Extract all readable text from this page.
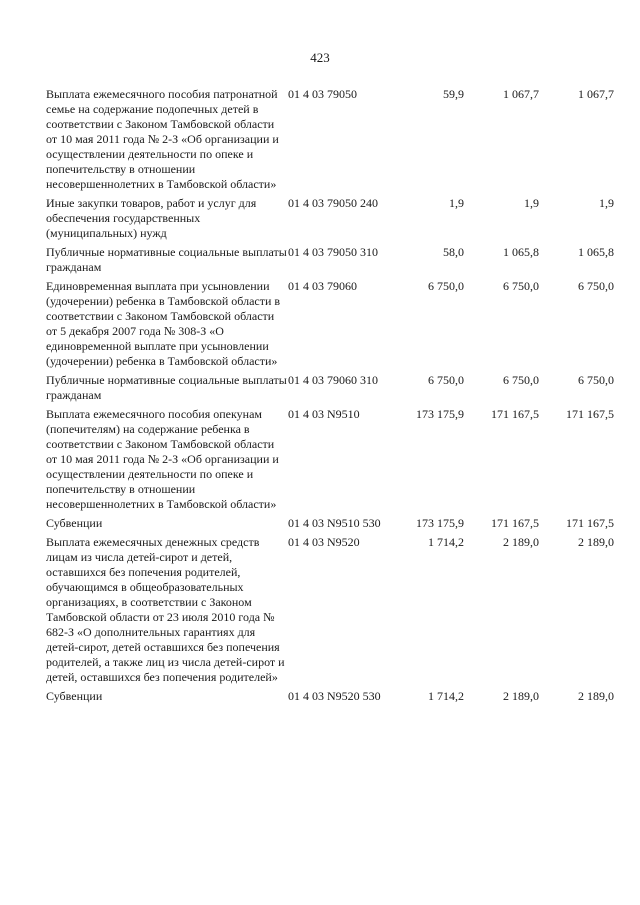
423
Выплата ежемесячного пособия патронатной семье на содержание подопечных детей в соответствии с Законом Тамбовской области от 10 мая 2011 года № 2-З «Об организации и осуществлении деятельности по опеке и попечительству в отношении несовершеннолетних в Тамбовской области»	01 4 03 79050	59,9	1 067,7	1 067,7
Иные закупки товаров, работ и услуг для обеспечения государственных (муниципальных) нужд	01 4 03 79050 240	1,9	1,9	1,9
Публичные нормативные социальные выплаты гражданам	01 4 03 79050 310	58,0	1 065,8	1 065,8
Единовременная выплата при усыновлении (удочерении) ребенка в Тамбовской области в соответствии с Законом Тамбовской области от 5 декабря 2007 года № 308-З «О единовременной выплате при усыновлении (удочерении) ребенка в Тамбовской области»	01 4 03 79060	6 750,0	6 750,0	6 750,0
Публичные нормативные социальные выплаты гражданам	01 4 03 79060 310	6 750,0	6 750,0	6 750,0
Выплата ежемесячного пособия опекунам (попечителям) на содержание ребенка в соответствии с Законом Тамбовской области от 10 мая 2011 года № 2-З «Об организации и осуществлении деятельности по опеке и попечительству в отношении несовершеннолетних в Тамбовской области»	01 4 03 N9510	173 175,9	171 167,5	171 167,5
Субвенции	01 4 03 N9510 530	173 175,9	171 167,5	171 167,5
Выплата ежемесячных денежных средств лицам из числа детей-сирот и детей, оставшихся без попечения родителей, обучающимся в общеобразовательных организациях, в соответствии с Законом Тамбовской области от 23 июля 2010 года № 682-З «О дополнительных гарантиях для детей-сирот, детей оставшихся без попечения родителей, а также лиц из числа детей-сирот и детей, оставшихся без попечения родителей»	01 4 03 N9520	1 714,2	2 189,0	2 189,0
Субвенции	01 4 03 N9520 530	1 714,2	2 189,0	2 189,0
